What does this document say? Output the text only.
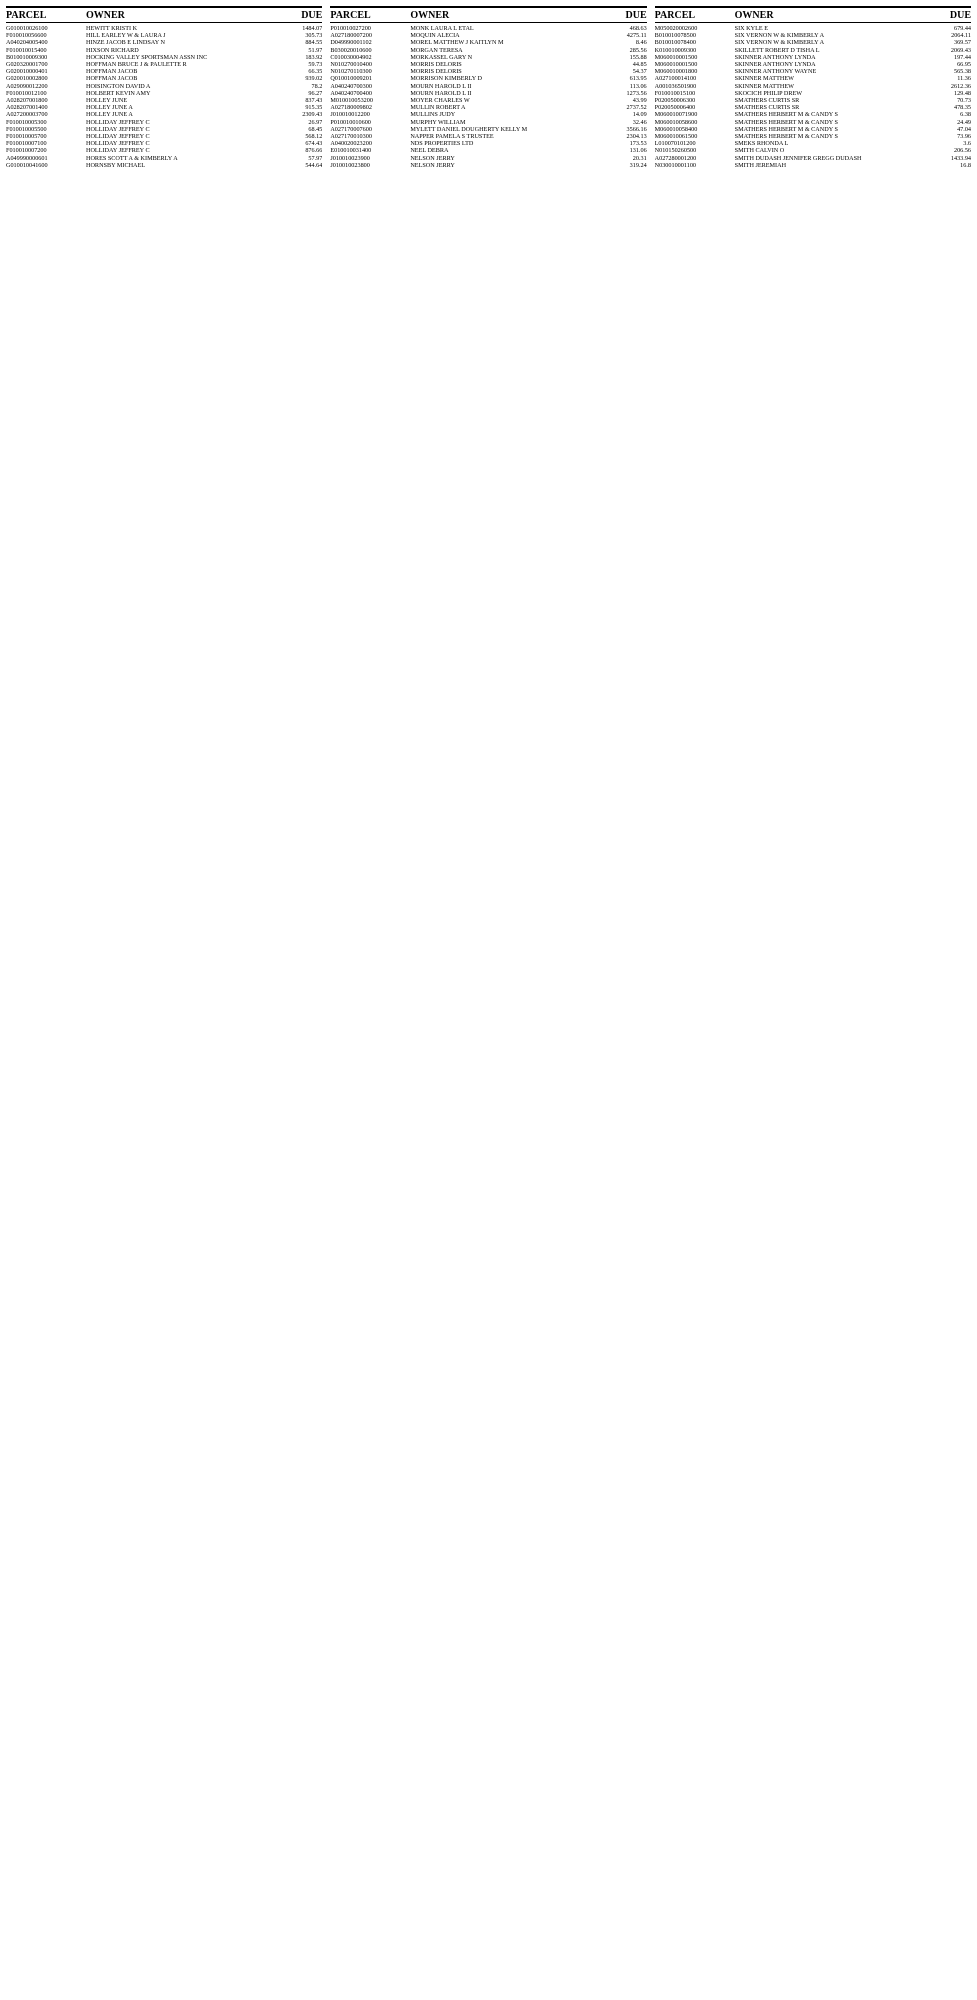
PARCEL	OWNER	DUE
G010010026100	HEWITT KRISTI K	1484.07
F010010056600	HILL EARLEY W & LAURA J	305.73
A040204005400	HINZE JACOB E LINDSAY N	884.55
F010010015400	HIXSON RICHARD	51.97
B010010009300	HOCKING VALLEY SPORTSMAN ASSN INC	183.92
G020320001700	HOFFMAN BRUCE J & PAULETTE R	59.73
G020010000401	HOFFMAN JACOB	66.35
G020010002800	HOFFMAN JACOB	939.02
A029090012200	HOISINGTON DAVID A	78.2
F010010012100	HOLBERT KEVIN AMY	96.27
A028207001800	HOLLEY JUNE	837.43
A028207001400	HOLLEY JUNE A	915.35
A027200003700	HOLLEY JUNE A	2309.43
F010010005300	HOLLIDAY JEFFREY C	26.97
F010010005500	HOLLIDAY JEFFREY C	68.45
F010010005700	HOLLIDAY JEFFREY C	568.12
F010010007100	HOLLIDAY JEFFREY C	674.43
F010010007200	HOLLIDAY JEFFREY C	876.66
A049990000601	HORES SCOTT A & KIMBERLY A	57.97
G010010041600	HORNSBY MICHAEL	544.64
PARCEL	OWNER	DUE
P010010027200	MONK LAURA L ETAL	468.63
A027180007200	MOQUIN ALECIA	4275.11
D049990001102	MOREL MATTHEW J KAITLYN M	8.46
B030020010600	MORGAN TERESA	285.56
C010030004902	MORKASSEL GARY N	155.88
N010270010400	MORRIS DELORIS	44.85
N010270110300	MORRIS DELORIS	54.37
Q010010009201	MORRISON KIMBERLY D	613.95
A040240700300	MOURN HAROLD L II	113.06
A040240700400	MOURN HAROLD L II	1273.56
M010010053200	MOYER CHARLES W	43.99
A027180009802	MULLIN ROBERT A	2737.52
J010010012200	MULLINS JUDY	14.09
P010010010600	MURPHY WILLIAM	32.46
A027170007600	MYLETT DANIEL DOUGHERTY KELLY M	3566.16
A027170010300	NAPPER PAMELA S TRUSTEE	2304.13
A040020023200	NDS PROPERTIES LTD	173.53
E010010031400	NEEL DEBRA	131.06
J010010023900	NELSON JERRY	20.31
J010010023800	NELSON JERRY	319.24
PARCEL	OWNER	DUE
M050020002600	SIX KYLE E	679.44
B010010078500	SIX VERNON W & KIMBERLY A	2064.11
B010010078400	SIX VERNON W & KIMBERLY A	369.57
K010010009300	SKILLETT ROBERT D TISHA L	2069.43
M060010001500	SKINNER ANTHONY LYNDA	197.44
M060010001500	SKINNER ANTHONY LYNDA	66.95
M060010001800	SKINNER ANTHONY WAYNE	565.38
A027100014100	SKINNER MATTHEW	11.36
A001036501900	SKINNER MATTHEW	2612.36
F010010015100	SKOCICH PHILIP DREW	129.48
P020050006300	SMATHERS CURTIS SR	70.73
P020050006400	SMATHERS CURTIS SR	478.35
M060010071900	SMATHERS HERBERT M & CANDY S	6.38
M060010058600	SMATHERS HERBERT M & CANDY S	24.49
M060010058400	SMATHERS HERBERT M & CANDY S	47.04
M060010061500	SMATHERS HERBERT M & CANDY S	73.96
L010070101200	SMEKS RHONDA L	3.6
N010150260500	SMITH CALVIN O	206.56
A027280001200	SMITH DUDASH JENNIFER GREGG DUDASH	1433.94
N030010001100	SMITH JEREMIAH	16.8
